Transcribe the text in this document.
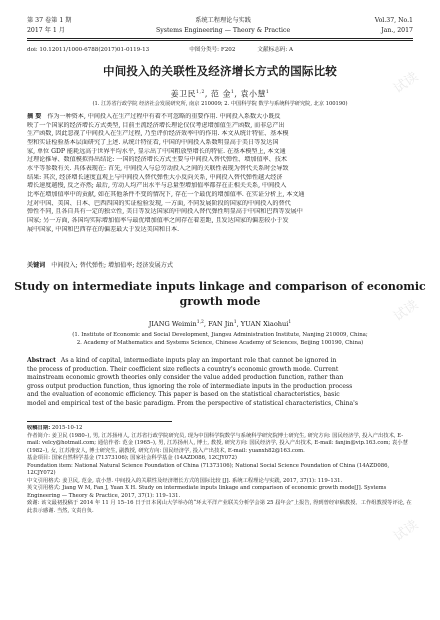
第 37 卷第 1 期	系统工程理论与实践	Vol.37, No.1
2017 年 1 月	Systems Engineering — Theory & Practice	Jan., 2017
doi: 10.12011/1000-6788(2017)01-0119-13	中图分类号: F202	文献标志码: A
中间投入的关联性及经济增长方式的国际比较
姜卫民$^{1,2}$, 范 金$^1$, 袁小慧$^1$
(1. 江苏省行政学院 经济社会发展研究所, 南京 210009; 2. 中国科学院 数学与系统科学研究院, 北京 100190)
摘 要 作为一种资本, 中间投入在生产过程中有着不可忽略的重要作用. 中间投入系数大小既反
映了一个国家的经济增长方式类型, 目前主流经济增长理论仅仅考虑增加值生产函数, 而非总产出
生产函数, 因此忽视了中间投入在生产过程, 乃至评价经济效率中的作用. 本文从统计特征、基本模
型和实证检验基本层面研究了上述. 从统计特征看, 中国的中间投入系数明显高于美日等发达国
家, 单位 GDP 能耗远高于世界平均水平, 显示出了中国粗放型增长的特征. 在基本模型上, 本文通
过理论推导、数值模拟得出结论: 一国的经济增长方式主要与中间投入替代弹性、增加值率、技术
水平等参数有关. 具体表现在: 首先, 中间投入与总劳动投入之间的关联性表现为替代关系时会导致
结果: 其次, 经济增长速度直观上与中间投入替代弹性大小反向关系, 中间投入替代弹性越大经济
增长速度越慢, 反之亦然; 最后, 劳动人均产出水平与总量型增加值率都存在正相关关系, 中间投入
比率在增加值率中的贡献, 如在其他条件不变的情况下, 存在一个最优的增加值率. 在实证分析上, 本文通
过对中国、美国、日本、巴西四国的实证检验发现, 一方面, 不同发展阶段的国家的中间投入的替代
弹性不同, 且各自具有一定的独立性, 美日等发达国家的中间投入替代弹性明显高于中国和巴西等发展中
国家; 另一方面, 各国均实际增加值率与最优增加值率之间存在着差距, 且发达国家的偏差较小于发
展中国家, 中国和巴西存在的偏差最大于发达美国和日本.
关键词 中间投入; 替代弹性; 增加值率; 经济发展方式
Study on intermediate inputs linkage and comparison of economic
growth mode
JIANG Weimin$^{1,2}$, FAN Jin$^1$, YUAN Xiaohui$^1$
(1. Institute of Economic and Social Development, Jiangsu Administration Institute, Nanjing 210009, China;
2. Academy of Mathematics and Systems Science, Chinese Academy of Sciences, Beijing 100190, China)
Abstract As a kind of capital, intermediate inputs play an important role that cannot be ignored in
the process of production. Their coefficient size reflects a country's economic growth mode. Current
mainstream economic growth theories only consider the value added production function, rather than
gross output production function, thus ignoring the role of intermediate inputs in the production process
and the evaluation of economic efficiency. This paper is based on the statistical characteristics, basic
model and empirical test of the basic paradigm. From the perspective of statistical characteristics, China's
收稿日期: 2015-10-12
作者简介: 姜卫民 (1980–), 男, 江苏扬州人, 江苏省行政学院研究员, 现为中国科学院数学与系统科学研究院博士研究生, 研究方向: 国民经济学, 投入产出技术, E-mail: velcy@hotmail.com; 通信作者: 范金 (1965–), 男, 江苏扬州人, 博士, 教授, 研究方向: 国民经济学, 投入产出技术, E-mail: fanjin@vip.163.com; 袁小慧 (1982–), 女, 江苏淮安人, 博士研究生, 副教授, 研究方向: 国民经济学, 投入产出技术, E-mail: yuanxh82@163.com.
基金项目: 国家自然科学基金 (71373106); 国家社会科学基金 (14AZD086, 12CJY072)
Foundation item: National Natural Science Foundation of China (71373106); National Social Science Foundation of China (14AZD086, 12CJY072)
中文引用格式: 姜卫民, 范金, 袁小慧. 中间投入的关联性及经济增长方式的国际比较 [J]. 系统工程理论与实践, 2017, 37(1): 119–131.
英文引用格式: Jiang W M, Fan J, Yuan X H. Study on intermediate inputs linkage and comparison of economic growth mode[J]. Systems Engineering — Theory & Practice, 2017, 37(1): 119–131.
致谢: 该文最初投稿于 2014 年 11 月 15–16 日于日本冈山大学举办的“环太平洋产业联关分析学会第 25 届年会”上报告, 得到曾经审稿教授、工作组教授等评论, 在此表示感谢. 当然, 文责自负.
试读
试读
试读
